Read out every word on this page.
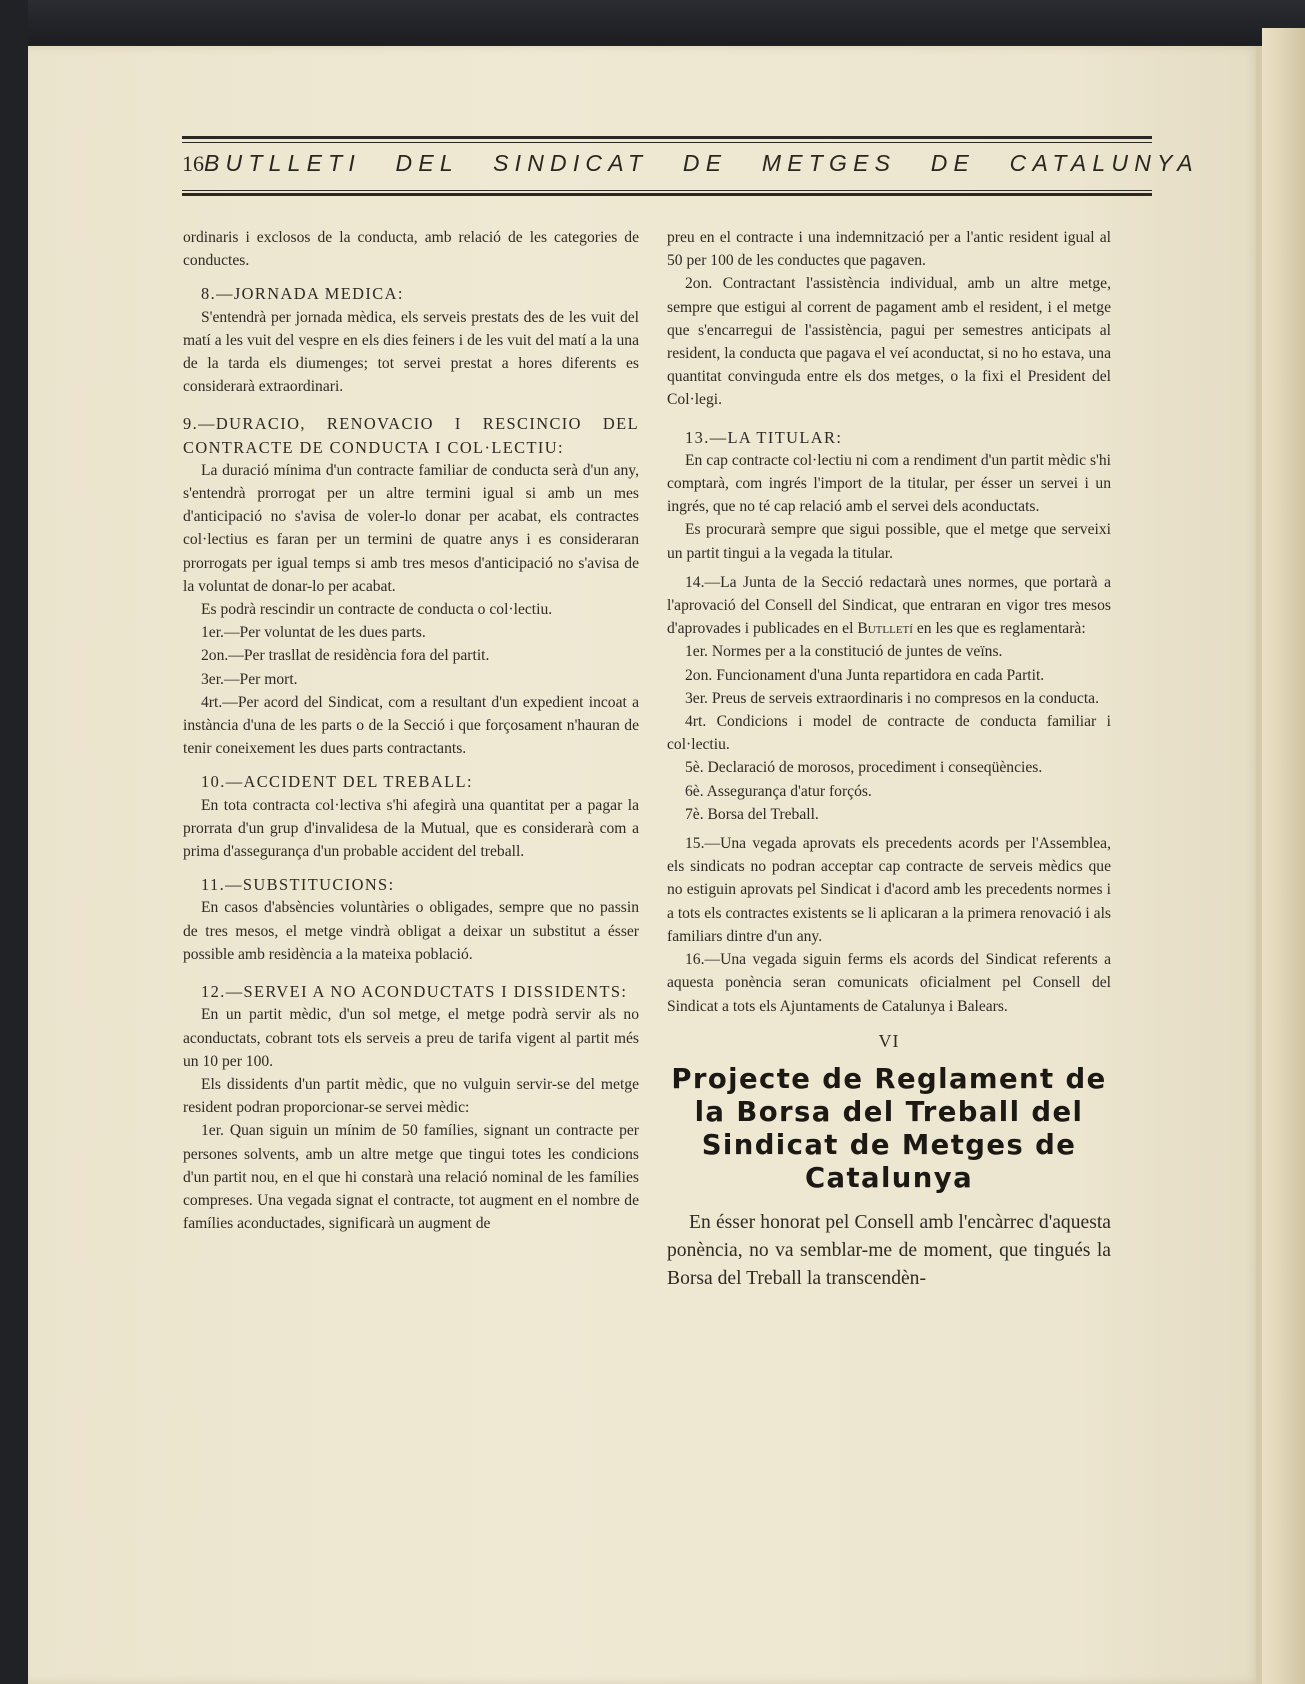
16 BUTLLETI DEL SINDICAT DE METGES DE CATALUNYA

ordinaris i exclosos de la conducta, amb relació de les categories de conductes.

8.—JORNADA MEDICA:

S'entendrà per jornada mèdica, els serveis prestats des de les vuit del matí a les vuit del vespre en els dies feiners i de les vuit del matí a la una de la tarda els diumenges; tot servei prestat a hores diferents es considerarà extraordinari.

9.—DURACIO, RENOVACIO I RESCINCIO DEL CONTRACTE DE CONDUCTA I COL·LECTIU:

La duració mínima d'un contracte familiar de conducta serà d'un any, s'entendrà prorrogat per un altre termini igual si amb un mes d'anticipació no s'avisa de voler-lo donar per acabat, els contractes col·lectius es faran per un termini de quatre anys i es consideraran prorrogats per igual temps si amb tres mesos d'anticipació no s'avisa de la voluntat de donar-lo per acabat.

Es podrà rescindir un contracte de conducta o col·lectiu.

1er.—Per voluntat de les dues parts.

2on.—Per trasllat de residència fora del partit.

3er.—Per mort.

4rt.—Per acord del Sindicat, com a resultant d'un expedient incoat a instància d'una de les parts o de la Secció i que forçosament n'hauran de tenir coneixement les dues parts contractants.

10.—ACCIDENT DEL TREBALL:

En tota contracta col·lectiva s'hi afegirà una quantitat per a pagar la prorrata d'un grup d'invalidesa de la Mutual, que es considerarà com a prima d'assegurança d'un probable accident del treball.

11.—SUBSTITUCIONS:

En casos d'absències voluntàries o obligades, sempre que no passin de tres mesos, el metge vindrà obligat a deixar un substitut a ésser possible amb residència a la mateixa població.

12.—SERVEI A NO ACONDUCTATS I DISSIDENTS:

En un partit mèdic, d'un sol metge, el metge podrà servir als no aconductats, cobrant tots els serveis a preu de tarifa vigent al partit més un 10 per 100.

Els dissidents d'un partit mèdic, que no vulguin servir-se del metge resident podran proporcionar-se servei mèdic:

1er. Quan siguin un mínim de 50 famílies, signant un contracte per persones solvents, amb un altre metge que tingui totes les condicions d'un partit nou, en el que hi constarà una relació nominal de les famílies compreses. Una vegada signat el contracte, tot augment en el nombre de famílies aconductades, significarà un augment de

preu en el contracte i una indemnització per a l'antic resident igual al 50 per 100 de les conductes que pagaven.

2on. Contractant l'assistència individual, amb un altre metge, sempre que estigui al corrent de pagament amb el resident, i el metge que s'encarregui de l'assistència, pagui per semestres anticipats al resident, la conducta que pagava el veí aconductat, si no ho estava, una quantitat convinguda entre els dos metges, o la fixi el President del Col·legi.

13.—LA TITULAR:

En cap contracte col·lectiu ni com a rendiment d'un partit mèdic s'hi comptarà, com ingrés l'import de la titular, per ésser un servei i un ingrés, que no té cap relació amb el servei dels aconductats.

Es procurarà sempre que sigui possible, que el metge que serveixi un partit tingui a la vegada la titular.

14.—La Junta de la Secció redactarà unes normes, que portarà a l'aprovació del Consell del Sindicat, que entraran en vigor tres mesos d'aprovades i publicades en el Butlletí en les que es reglamentarà:

1er. Normes per a la constitució de juntes de veïns.

2on. Funcionament d'una Junta repartidora en cada Partit.

3er. Preus de serveis extraordinaris i no compresos en la conducta.

4rt. Condicions i model de contracte de conducta familiar i col·lectiu.

5è. Declaració de morosos, procediment i conseqüències.

6è. Assegurança d'atur forçós.

7è. Borsa del Treball.

15.—Una vegada aprovats els precedents acords per l'Assemblea, els sindicats no podran acceptar cap contracte de serveis mèdics que no estiguin aprovats pel Sindicat i d'acord amb les precedents normes i a tots els contractes existents se li aplicaran a la primera renovació i als familiars dintre d'un any.

16.—Una vegada siguin ferms els acords del Sindicat referents a aquesta ponència seran comunicats oficialment pel Consell del Sindicat a tots els Ajuntaments de Catalunya i Balears.

VI
Projecte de Reglament de la Borsa del Treball del Sindicat de Metges de Catalunya

En ésser honorat pel Consell amb l'encàrrec d'aquesta ponència, no va semblar-me de moment, que tingués la Borsa del Treball la transcendèn-
